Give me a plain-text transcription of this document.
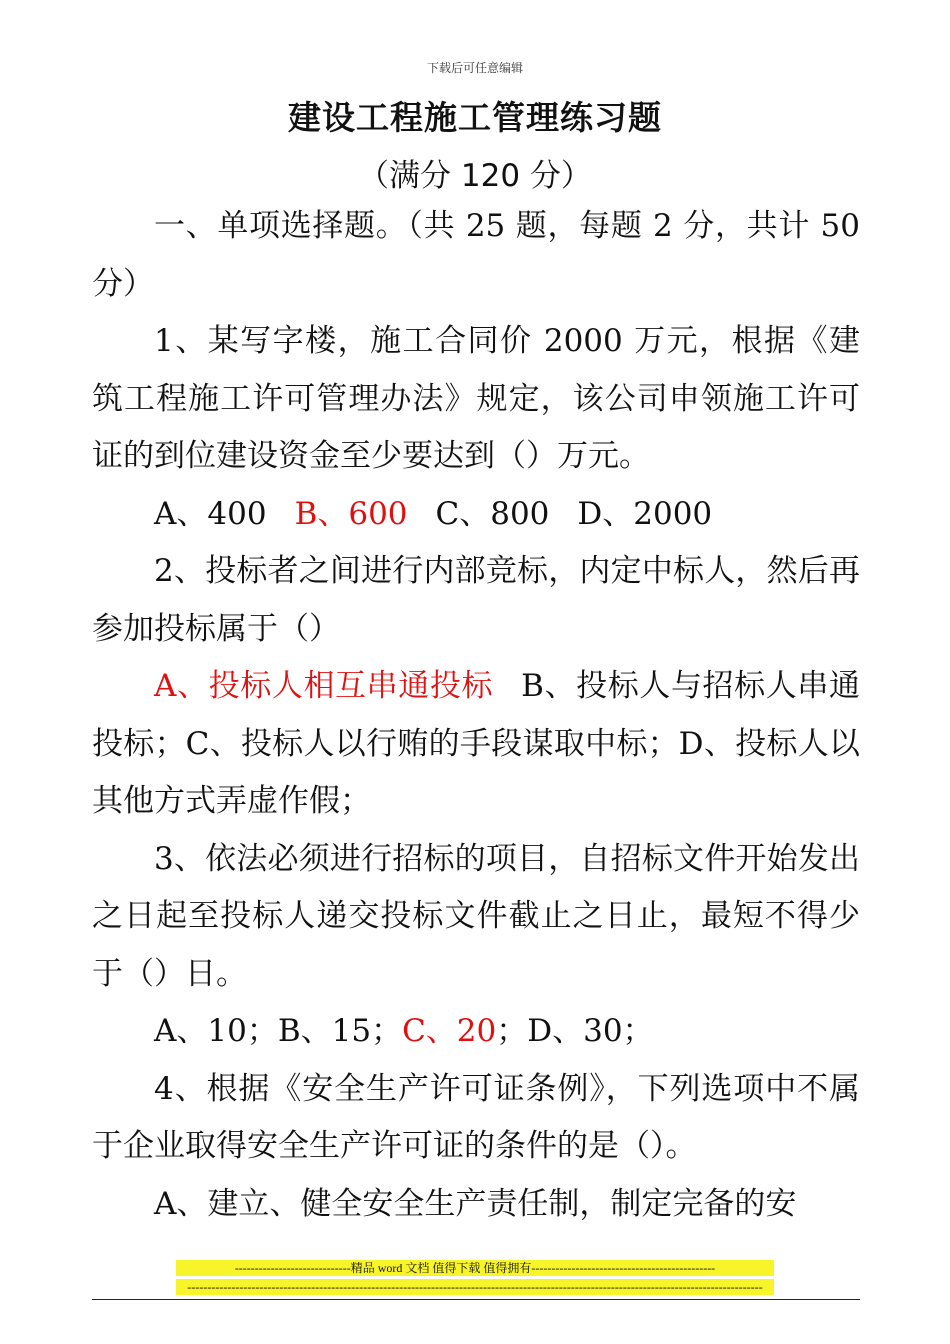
下载后可任意编辑
建设工程施工管理练习题
（满分 120 分）

一、单项选择题。（共 25 题，每题 2 分，共计 50 分）

1、某写字楼，施工合同价 2000 万元，根据《建筑工程施工许可管理办法》规定，该公司申领施工许可证的到位建设资金至少要达到（）万元。

A、400 B、600 C、800 D、2000

2、投标者之间进行内部竞标，内定中标人，然后再参加投标属于（）

A、投标人相互串通投标 B、投标人与招标人串通投标；C、投标人以行贿的手段谋取中标；D、投标人以其他方式弄虚作假；

3、依法必须进行招标的项目，自招标文件开始发出之日起至投标人递交投标文件截止之日止，最短不得少于（）日。

A、10；B、15；C、20；D、30；

4、根据《安全生产许可证条例》，下列选项中不属于企业取得安全生产许可证的条件的是（）。

A、建立、健全安全生产责任制，制定完备的安

-----------------------------精品 word 文档 值得下载 值得拥有----------------------------------------------
------------------------------------------------------------------------------------------------------------------------------------------------
